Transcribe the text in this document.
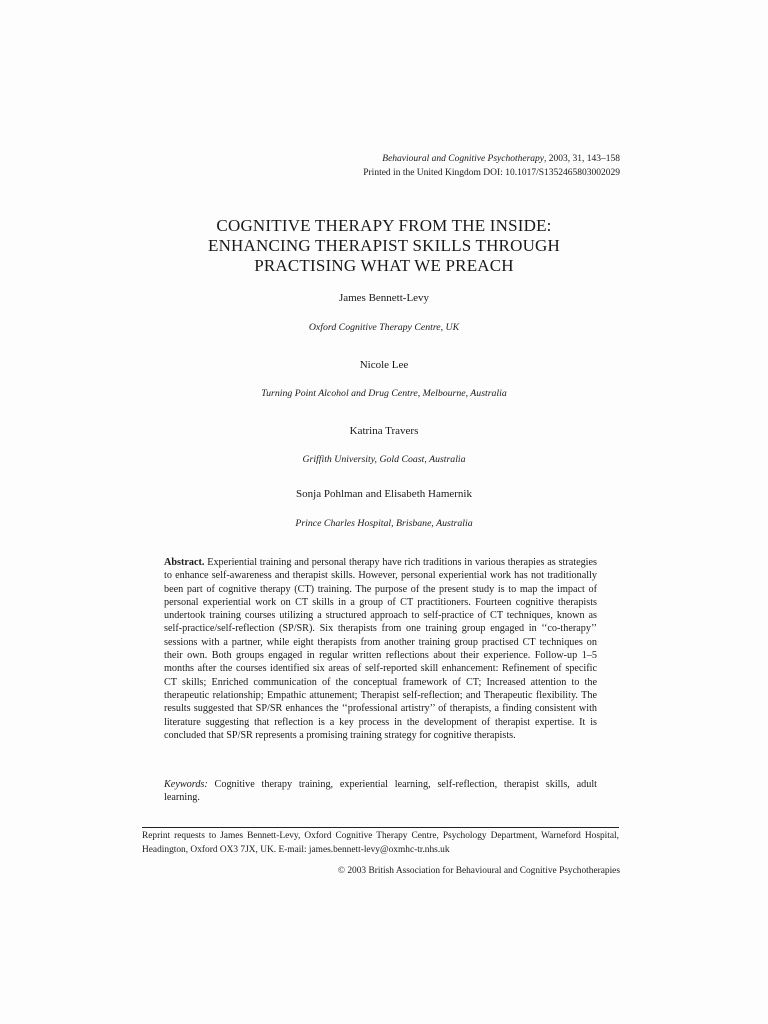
Behavioural and Cognitive Psychotherapy, 2003, 31, 143–158
Printed in the United Kingdom DOI: 10.1017/S1352465803002029
COGNITIVE THERAPY FROM THE INSIDE:
ENHANCING THERAPIST SKILLS THROUGH
PRACTISING WHAT WE PREACH
James Bennett-Levy
Oxford Cognitive Therapy Centre, UK
Nicole Lee
Turning Point Alcohol and Drug Centre, Melbourne, Australia
Katrina Travers
Griffith University, Gold Coast, Australia
Sonja Pohlman and Elisabeth Hamernik
Prince Charles Hospital, Brisbane, Australia
Abstract. Experiential training and personal therapy have rich traditions in various therapies as strategies to enhance self-awareness and therapist skills. However, personal experiential work has not traditionally been part of cognitive therapy (CT) training. The purpose of the present study is to map the impact of personal experiential work on CT skills in a group of CT practitioners. Fourteen cognitive therapists undertook training courses utilizing a structured approach to self-practice of CT techniques, known as self-practice/self-reflection (SP/SR). Six therapists from one training group engaged in ‘‘co-therapy’’ sessions with a partner, while eight therapists from another training group practised CT techniques on their own. Both groups engaged in regular written reflections about their experience. Follow-up 1–5 months after the courses identified six areas of self-reported skill enhancement: Refinement of specific CT skills; Enriched communication of the conceptual framework of CT; Increased attention to the therapeutic relationship; Empathic attunement; Therapist self-reflection; and Therapeutic flexibility. The results suggested that SP/SR enhances the ‘‘professional artistry’’ of therapists, a finding consistent with literature suggesting that reflection is a key process in the development of therapist expertise. It is concluded that SP/SR represents a promising training strategy for cognitive therapists.
Keywords: Cognitive therapy training, experiential learning, self-reflection, therapist skills, adult learning.
Reprint requests to James Bennett-Levy, Oxford Cognitive Therapy Centre, Psychology Department, Warneford Hospital, Headington, Oxford OX3 7JX, UK. E-mail: james.bennett-levy@oxmhc-tr.nhs.uk
© 2003 British Association for Behavioural and Cognitive Psychotherapies
